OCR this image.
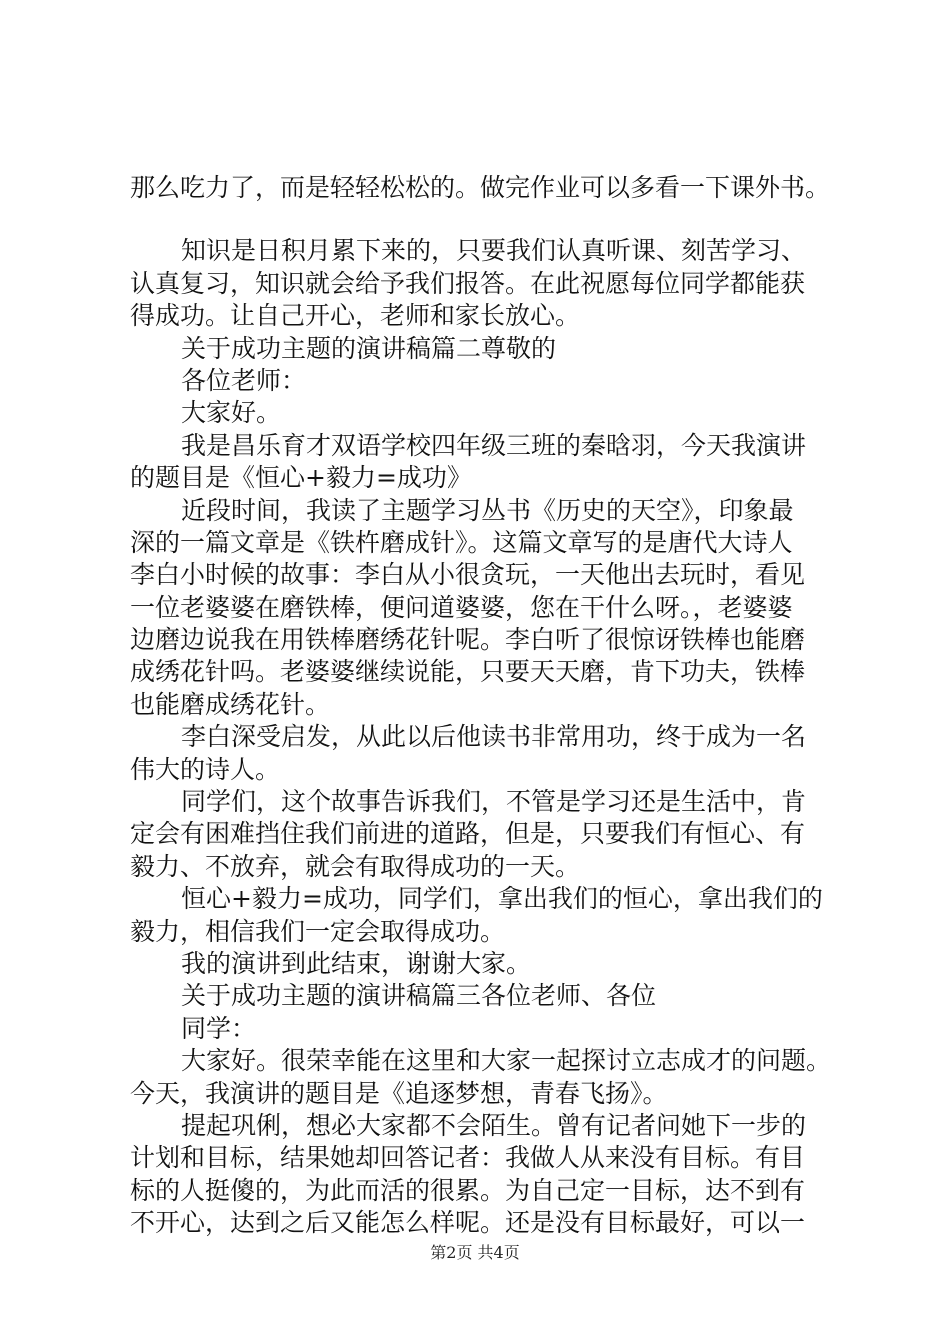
那么吃力了，而是轻轻松松的。做完作业可以多看一下课外书。
知识是日积月累下来的，只要我们认真听课、刻苦学习、
认真复习，知识就会给予我们报答。在此祝愿每位同学都能获
得成功。让自己开心，老师和家长放心。
关于成功主题的演讲稿篇二尊敬的
各位老师：
大家好。
我是昌乐育才双语学校四年级三班的秦晗羽，今天我演讲
的题目是《恒心+毅力=成功》
近段时间，我读了主题学习丛书《历史的天空》，印象最
深的一篇文章是《铁杵磨成针》。这篇文章写的是唐代大诗人
李白小时候的故事：李白从小很贪玩，一天他出去玩时，看见
一位老婆婆在磨铁棒，便问道婆婆，您在干什么呀。，老婆婆
边磨边说我在用铁棒磨绣花针呢。李白听了很惊讶铁棒也能磨
成绣花针吗。老婆婆继续说能，只要天天磨，肯下功夫，铁棒
也能磨成绣花针。
李白深受启发，从此以后他读书非常用功，终于成为一名
伟大的诗人。
同学们，这个故事告诉我们，不管是学习还是生活中，肯
定会有困难挡住我们前进的道路，但是，只要我们有恒心、有
毅力、不放弃，就会有取得成功的一天。
恒心+毅力=成功，同学们，拿出我们的恒心，拿出我们的
毅力，相信我们一定会取得成功。
我的演讲到此结束，谢谢大家。
关于成功主题的演讲稿篇三各位老师、各位
同学：
大家好。很荣幸能在这里和大家一起探讨立志成才的问题。
今天，我演讲的题目是《追逐梦想，青春飞扬》。
提起巩俐，想必大家都不会陌生。曾有记者问她下一步的
计划和目标，结果她却回答记者：我做人从来没有目标。有目
标的人挺傻的，为此而活的很累。为自己定一目标，达不到有
不开心，达到之后又能怎么样呢。还是没有目标最好，可以一
第2页 共4页
